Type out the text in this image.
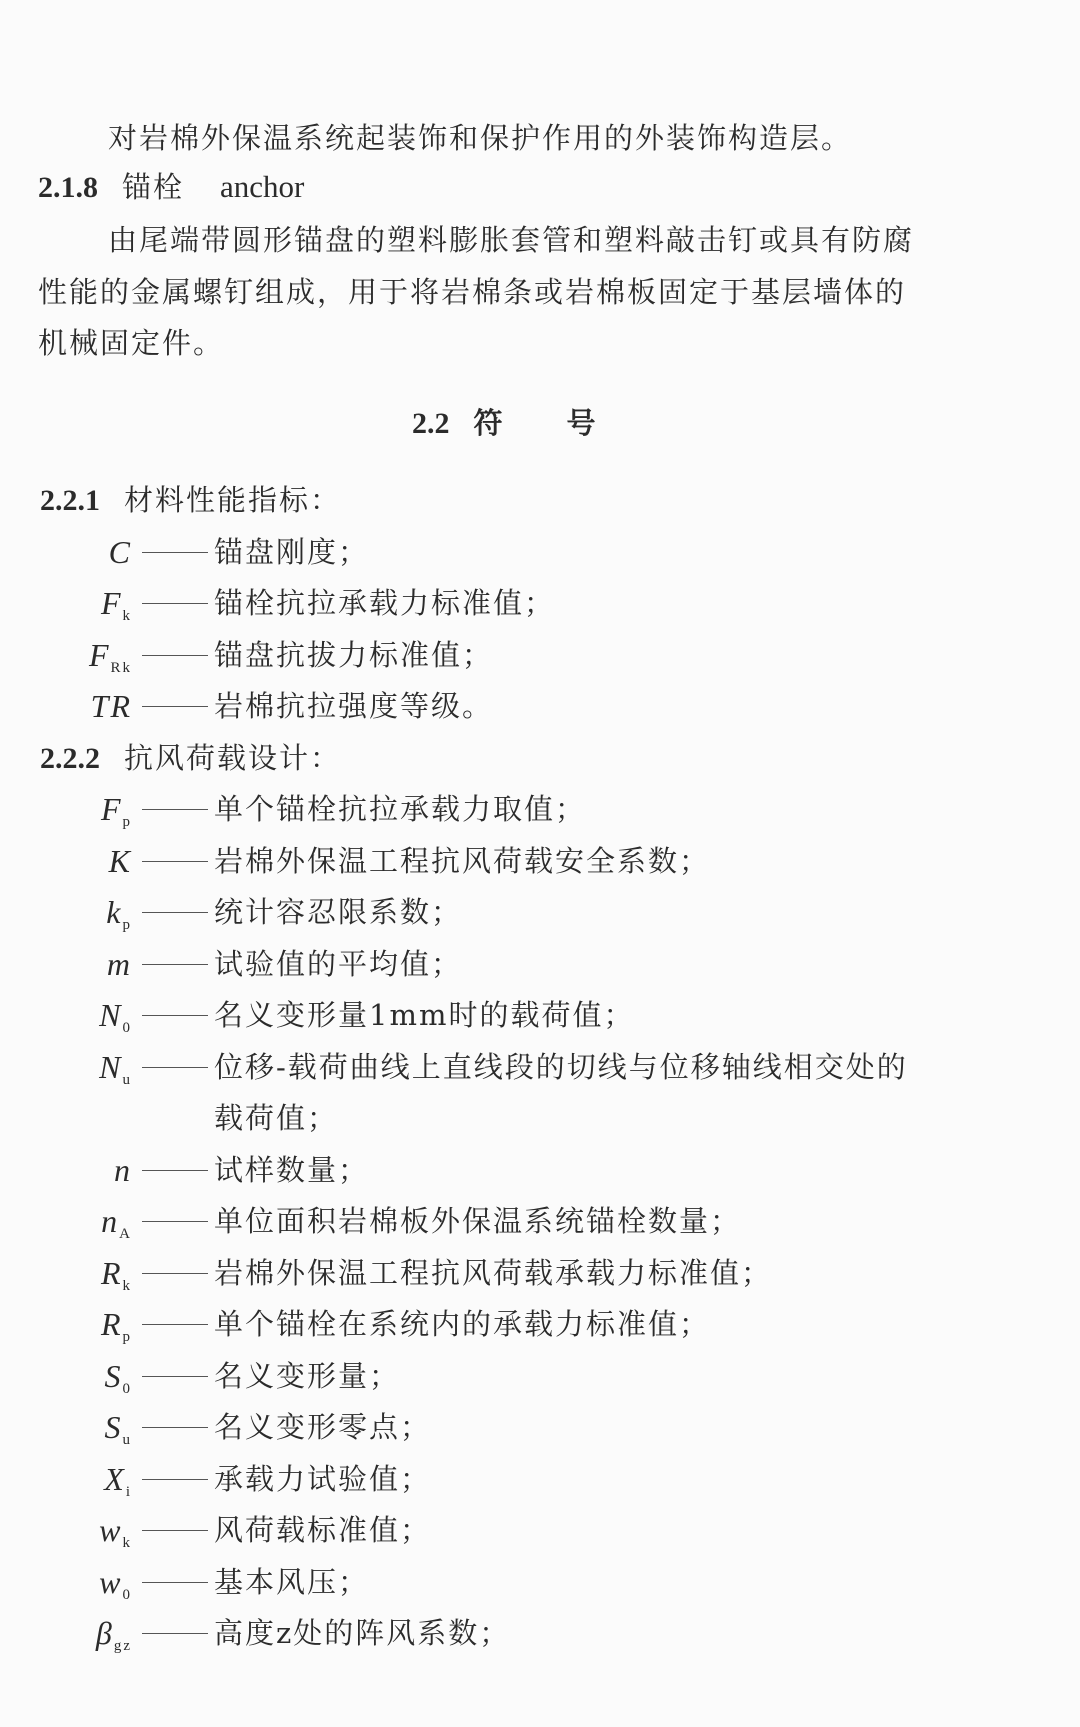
对岩棉外保温系统起装饰和保护作用的外装饰构造层。
2.1.8 锚栓 anchor
由尾端带圆形锚盘的塑料膨胀套管和塑料敲击钉或具有防腐
性能的金属螺钉组成，用于将岩棉条或岩棉板固定于基层墙体的
机械固定件。
2.2 符　　号
2.2.1 材料性能指标：
C	锚盘刚度；
$F_k$	锚栓抗拉承载力标准值；
$F_{Rk}$	锚盘抗拔力标准值；
TR	岩棉抗拉强度等级。
2.2.2 抗风荷载设计：
$F_p$	单个锚栓抗拉承载力取值；
K	岩棉外保温工程抗风荷载安全系数；
$k_p$	统计容忍限系数；
m	试验值的平均值；
$N_0$	名义变形量1mm时的载荷值；
$N_u$	位移-载荷曲线上直线段的切线与位移轴线相交处的
载荷值；
n	试样数量；
$n_A$	单位面积岩棉板外保温系统锚栓数量；
$R_k$	岩棉外保温工程抗风荷载承载力标准值；
$R_p$	单个锚栓在系统内的承载力标准值；
$S_0$	名义变形量；
$S_u$	名义变形零点；
$X_i$	承载力试验值；
$w_k$	风荷载标准值；
$w_0$	基本风压；
$\beta_{gz}$	高度z处的阵风系数；
